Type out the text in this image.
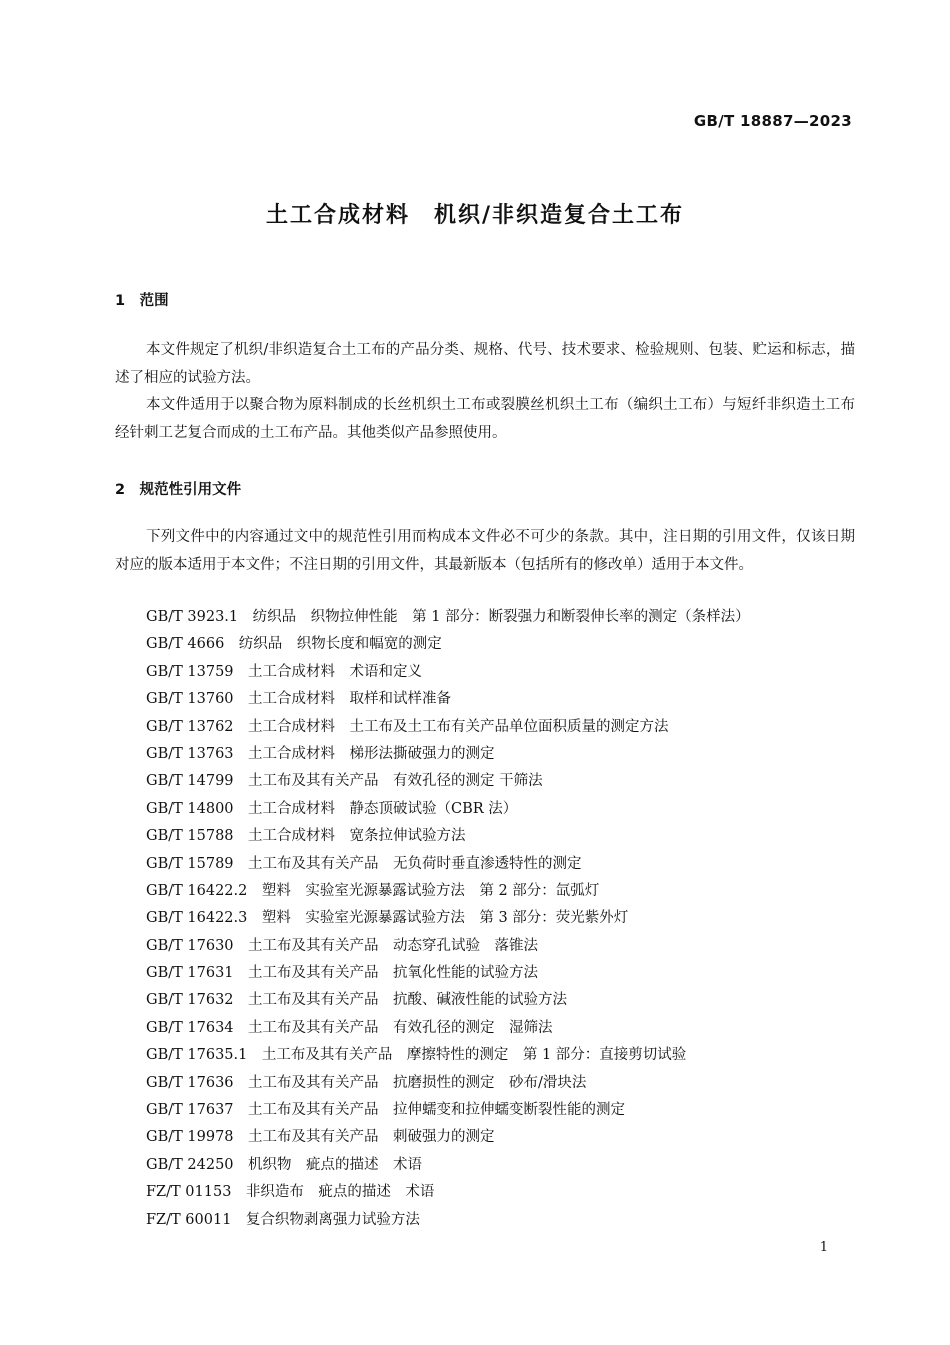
GB/T 18887—2023
土工合成材料　机织/非织造复合土工布
1　范围

本文件规定了机织/非织造复合土工布的产品分类、规格、代号、技术要求、检验规则、包装、贮运和标志，描述了相应的试验方法。

本文件适用于以聚合物为原料制成的长丝机织土工布或裂膜丝机织土工布（编织土工布）与短纤非织造土工布经针刺工艺复合而成的土工布产品。其他类似产品参照使用。

2　规范性引用文件

下列文件中的内容通过文中的规范性引用而构成本文件必不可少的条款。其中，注日期的引用文件，仅该日期对应的版本适用于本文件；不注日期的引用文件，其最新版本（包括所有的修改单）适用于本文件。

GB/T 3923.1　纺织品　织物拉伸性能　第 1 部分：断裂强力和断裂伸长率的测定（条样法）
GB/T 4666　纺织品　织物长度和幅宽的测定
GB/T 13759　土工合成材料　术语和定义
GB/T 13760　土工合成材料　取样和试样准备
GB/T 13762　土工合成材料　土工布及土工布有关产品单位面积质量的测定方法
GB/T 13763　土工合成材料　梯形法撕破强力的测定
GB/T 14799　土工布及其有关产品　有效孔径的测定 干筛法
GB/T 14800　土工合成材料　静态顶破试验（CBR 法）
GB/T 15788　土工合成材料　宽条拉伸试验方法
GB/T 15789　土工布及其有关产品　无负荷时垂直渗透特性的测定
GB/T 16422.2　塑料　实验室光源暴露试验方法　第 2 部分：氙弧灯
GB/T 16422.3　塑料　实验室光源暴露试验方法　第 3 部分：荧光紫外灯
GB/T 17630　土工布及其有关产品　动态穿孔试验　落锥法
GB/T 17631　土工布及其有关产品　抗氧化性能的试验方法
GB/T 17632　土工布及其有关产品　抗酸、碱液性能的试验方法
GB/T 17634　土工布及其有关产品　有效孔径的测定　湿筛法
GB/T 17635.1　土工布及其有关产品　摩擦特性的测定　第 1 部分：直接剪切试验
GB/T 17636　土工布及其有关产品　抗磨损性的测定　砂布/滑块法
GB/T 17637　土工布及其有关产品　拉伸蠕变和拉伸蠕变断裂性能的测定
GB/T 19978　土工布及其有关产品　刺破强力的测定
GB/T 24250　机织物　疵点的描述　术语
FZ/T 01153　非织造布　疵点的描述　术语
FZ/T 60011　复合织物剥离强力试验方法
1
